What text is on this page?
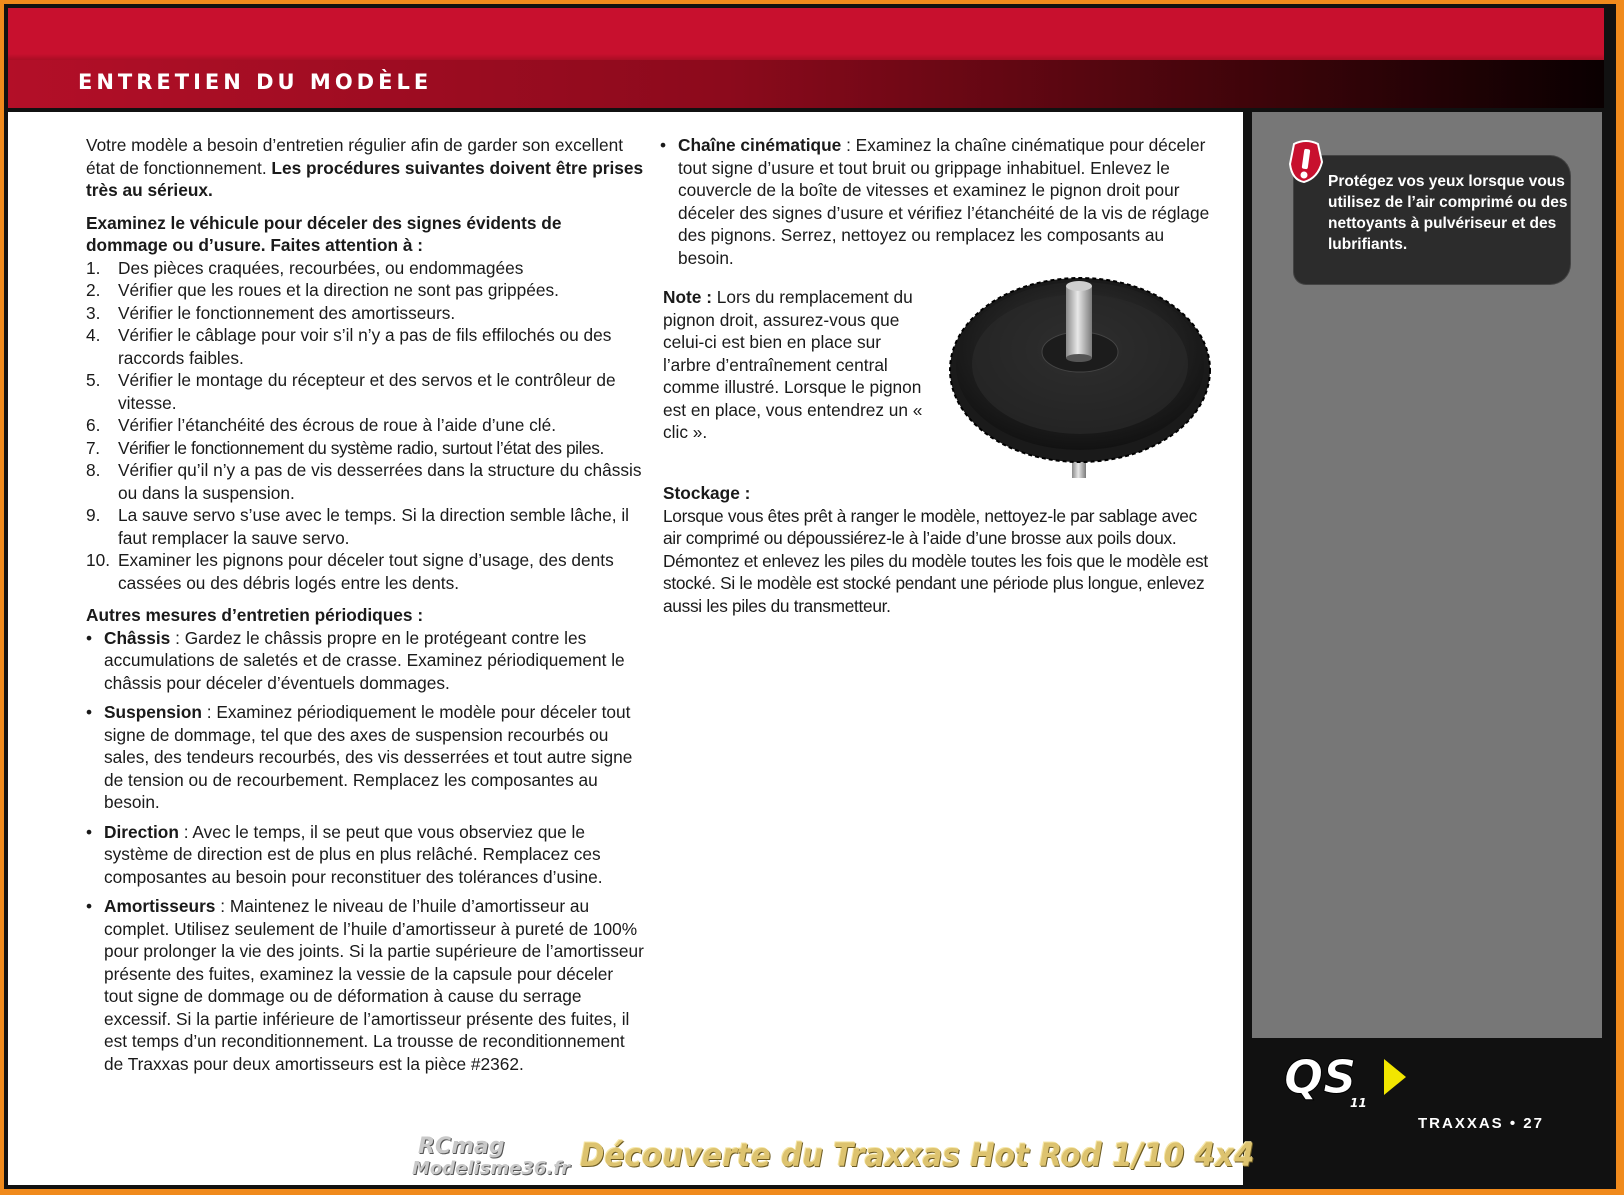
ENTRETIEN DU MODÈLE

Votre modèle a besoin d’entretien régulier afin de garder son excellent état de fonctionnement. Les procédures suivantes doivent être prises très au sérieux.

Examinez le véhicule pour déceler des signes évidents de dommage ou d’usure. Faites attention à :

1. Des pièces craquées, recourbées, ou endommagées
2. Vérifier que les roues et la direction ne sont pas grippées.
3. Vérifier le fonctionnement des amortisseurs.
4. Vérifier le câblage pour voir s’il n’y a pas de fils effilochés ou des raccords faibles.
5. Vérifier le montage du récepteur et des servos et le contrôleur de vitesse.
6. Vérifier l’étanchéité des écrous de roue à l’aide d’une clé.
7. Vérifier le fonctionnement du système radio, surtout l’état des piles.
8. Vérifier qu’il n’y a pas de vis desserrées dans la structure du châssis ou dans la suspension.
9. La sauve servo s’use avec le temps. Si la direction semble lâche, il faut remplacer la sauve servo.
10. Examiner les pignons pour déceler tout signe d’usage, des dents cassées ou des débris logés entre les dents.

Autres mesures d’entretien périodiques :

• Châssis : Gardez le châssis propre en le protégeant contre les accumulations de saletés et de crasse. Examinez périodiquement le châssis pour déceler d’éventuels dommages.
• Suspension : Examinez périodiquement le modèle pour déceler tout signe de dommage, tel que des axes de suspension recourbés ou sales, des tendeurs recourbés, des vis desserrées et tout autre signe de tension ou de recourbement. Remplacez les composantes au besoin.
• Direction : Avec le temps, il se peut que vous observiez que le système de direction est de plus en plus relâché. Remplacez ces composantes au besoin pour reconstituer des tolérances d’usine.
• Amortisseurs : Maintenez le niveau de l’huile d’amortisseur au complet. Utilisez seulement de l’huile d’amortisseur à pureté de 100% pour prolonger la vie des joints. Si la partie supérieure de l’amortisseur présente des fuites, examinez la vessie de la capsule pour déceler tout signe de dommage ou de déformation à cause du serrage excessif. Si la partie inférieure de l’amortisseur présente des fuites, il est temps d’un reconditionnement. La trousse de reconditionnement de Traxxas pour deux amortisseurs est la pièce #2362.
• Chaîne cinématique : Examinez la chaîne cinématique pour déceler tout signe d’usure et tout bruit ou grippage inhabituel. Enlevez le couvercle de la boîte de vitesses et examinez le pignon droit pour déceler des signes d’usure et vérifiez l’étanchéité de la vis de réglage des pignons. Serrez, nettoyez ou remplacez les composants au besoin.
Note : Lors du remplacement du pignon droit, assurez-vous que celui-ci est bien en place sur l’arbre d’entraînement central comme illustré. Lorsque le pignon est en place, vous entendrez un « clic ».

Stockage :

Lorsque vous êtes prêt à ranger le modèle, nettoyez-le par sablage avec air comprimé ou dépoussiérez-le à l’aide d’une brosse aux poils doux. Démontez et enlevez les piles du modèle toutes les fois que le modèle est stocké. Si le modèle est stocké pendant une période plus longue, enlevez aussi les piles du transmetteur.

Protégez vos yeux lorsque vous utilisez de l’air comprimé ou des nettoyants à pulvériseur et des lubrifiants.
QS
11
TRAXXAS • 27
RCmag
Modelisme36.fr Découverte du Traxxas Hot Rod 1/10 4x4
